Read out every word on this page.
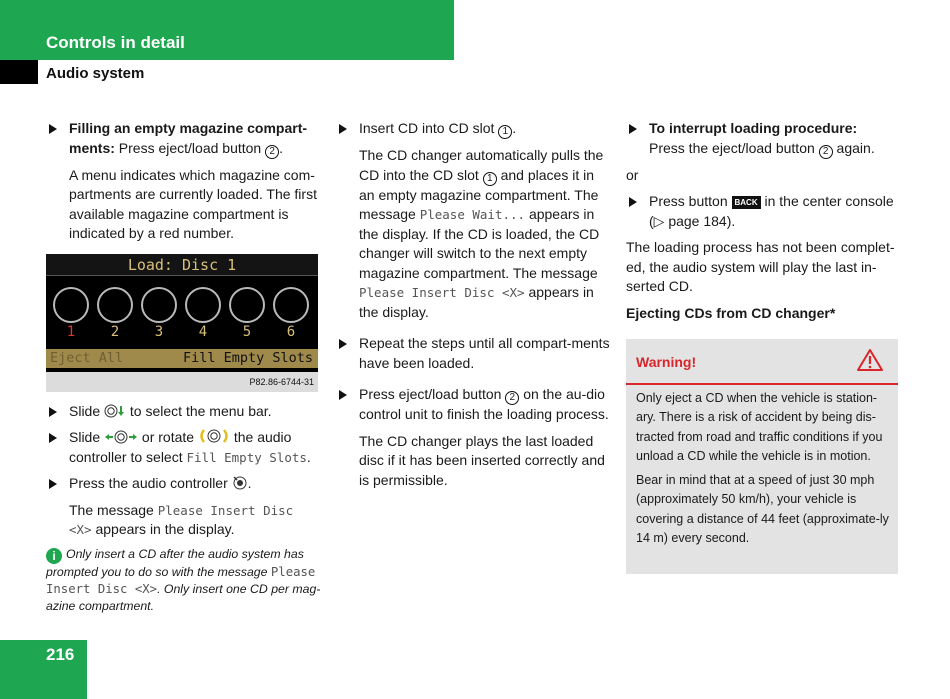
Controls in detail
Audio system
Filling an empty magazine compart-ments: Press eject/load button 2 .
A menu indicates which magazine com-partments are currently loaded. The first available magazine compartment is indicated by a red number.
Load: Disc 1
1	2	3	4	5	6
Eject All	Fill Empty Slots
P82.86-6744-31
Slide  to select the menu bar.
Slide  or rotate  the audio controller to select Fill Empty Slots.
Press the audio controller .
The message Please Insert Disc <X> appears in the display.
i Only insert a CD after the audio system has prompted you to do so with the message Please Insert Disc <X>. Only insert one CD per mag-azine compartment.
Insert CD into CD slot 1 .
The CD changer automatically pulls the CD into the CD slot 1 and places it in an empty magazine compartment. The message Please Wait... appears in the display. If the CD is loaded, the CD changer will switch to the next empty magazine compartment. The message Please Insert Disc <X> appears in the display.
Repeat the steps until all compart-ments have been loaded.
Press eject/load button 2 on the au-dio control unit to finish the loading process.
The CD changer plays the last loaded disc if it has been inserted correctly and is permissible.
To interrupt loading procedure:
Press the eject/load button 2 again.
or
Press button BACK in the center console (▷ page 184).
The loading process has not been complet-ed, the audio system will play the last in-serted CD.
Ejecting CDs from CD changer*
Warning!

Only eject a CD when the vehicle is station-ary. There is a risk of accident by being dis-tracted from road and traffic conditions if you unload a CD while the vehicle is in motion.

Bear in mind that at a speed of just 30 mph (approximately 50 km/h), your vehicle is covering a distance of 44 feet (approximate-ly 14 m) every second.

216
